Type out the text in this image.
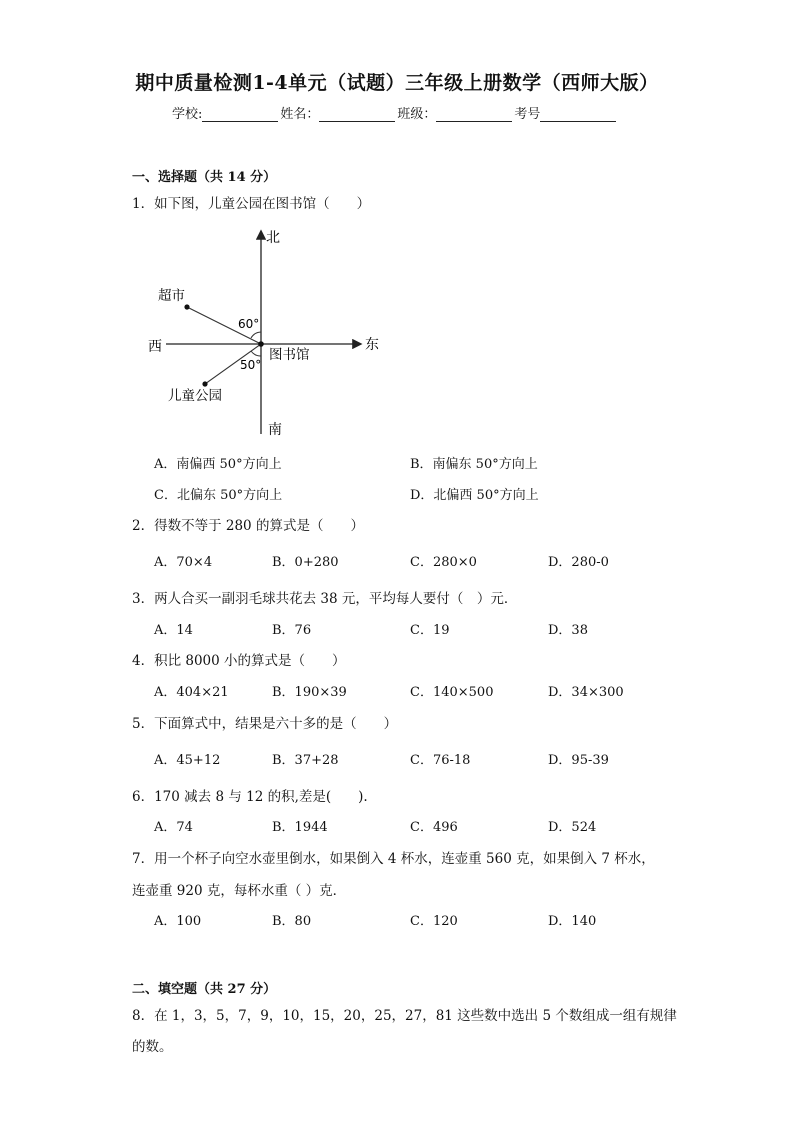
期中质量检测1-4单元（试题）三年级上册数学（西师大版）
学校:	姓名：	班级：	考号
一、选择题（共 14 分）
1．如下图，儿童公园在图书馆（　　）
北
南
东
西
超市
图书馆
儿童公园
60°
50°
A．南偏西 50°方向上	B．南偏东 50°方向上
C．北偏东 50°方向上	D．北偏西 50°方向上
2．得数不等于 280 的算式是（　　）
A．70×4	B．0+280	C．280×0	D．280-0
3．两人合买一副羽毛球共花去 38 元，平均每人要付（　）元．
A．14	B．76	C．19	D．38
4．积比 8000 小的算式是（　　）
A．404×21	B．190×39	C．140×500	D．34×300
5．下面算式中，结果是六十多的是（　　）
A．45+12	B．37+28	C．76-18	D．95-39
6．170 减去 8 与 12 的积,差是(　　).
A．74	B．1944	C．496	D．524
7．用一个杯子向空水壶里倒水，如果倒入 4 杯水，连壶重 560 克，如果倒入 7 杯水，
连壶重 920 克，每杯水重（ ）克．
A．100	B．80	C．120	D．140
二、填空题（共 27 分）
8．在 1，3，5，7，9，10，15，20，25，27，81 这些数中选出 5 个数组成一组有规律
的数。
